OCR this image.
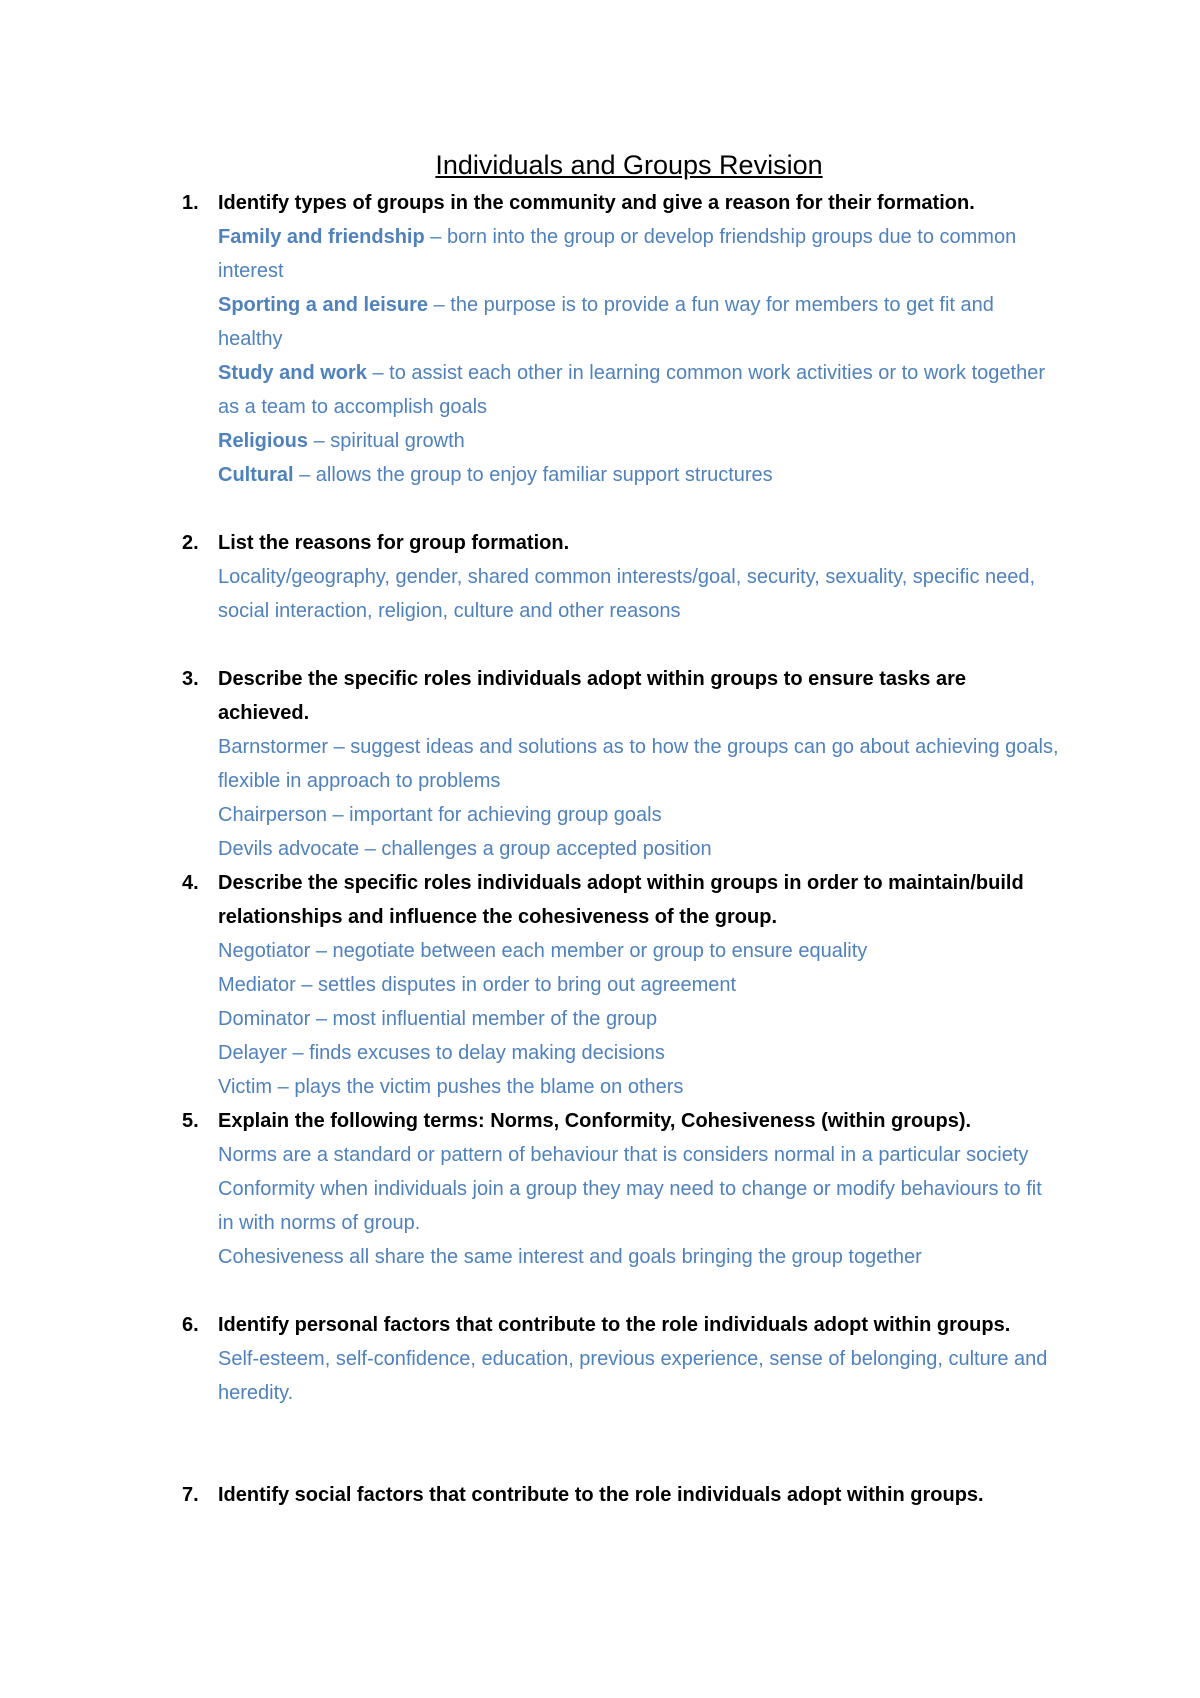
Individuals and Groups Revision
1. Identify types of groups in the community and give a reason for their formation.

Family and friendship – born into the group or develop friendship groups due to common interest

Sporting a and leisure – the purpose is to provide a fun way for members to get fit and healthy

Study and work – to assist each other in learning common work activities or to work together as a team to accomplish goals

Religious – spiritual growth

Cultural – allows the group to enjoy familiar support structures

2. List the reasons for group formation.

Locality/geography, gender, shared common interests/goal, security, sexuality, specific need, social interaction, religion, culture and other reasons

3. Describe the specific roles individuals adopt within groups to ensure tasks are achieved.

Barnstormer – suggest ideas and solutions as to how the groups can go about achieving goals, flexible in approach to problems

Chairperson – important for achieving group goals

Devils advocate – challenges a group accepted position

4. Describe the specific roles individuals adopt within groups in order to maintain/build relationships and influence the cohesiveness of the group.

Negotiator – negotiate between each member or group to ensure equality

Mediator – settles disputes in order to bring out agreement

Dominator – most influential member of the group

Delayer – finds excuses to delay making decisions

Victim – plays the victim pushes the blame on others

5. Explain the following terms: Norms, Conformity, Cohesiveness (within groups).

Norms are a standard or pattern of behaviour that is considers normal in a particular society

Conformity when individuals join a group they may need to change or modify behaviours to fit in with norms of group.

Cohesiveness all share the same interest and goals bringing the group together

6. Identify personal factors that contribute to the role individuals adopt within groups.

Self-esteem, self-confidence, education, previous experience, sense of belonging, culture and heredity.

7. Identify social factors that contribute to the role individuals adopt within groups.
